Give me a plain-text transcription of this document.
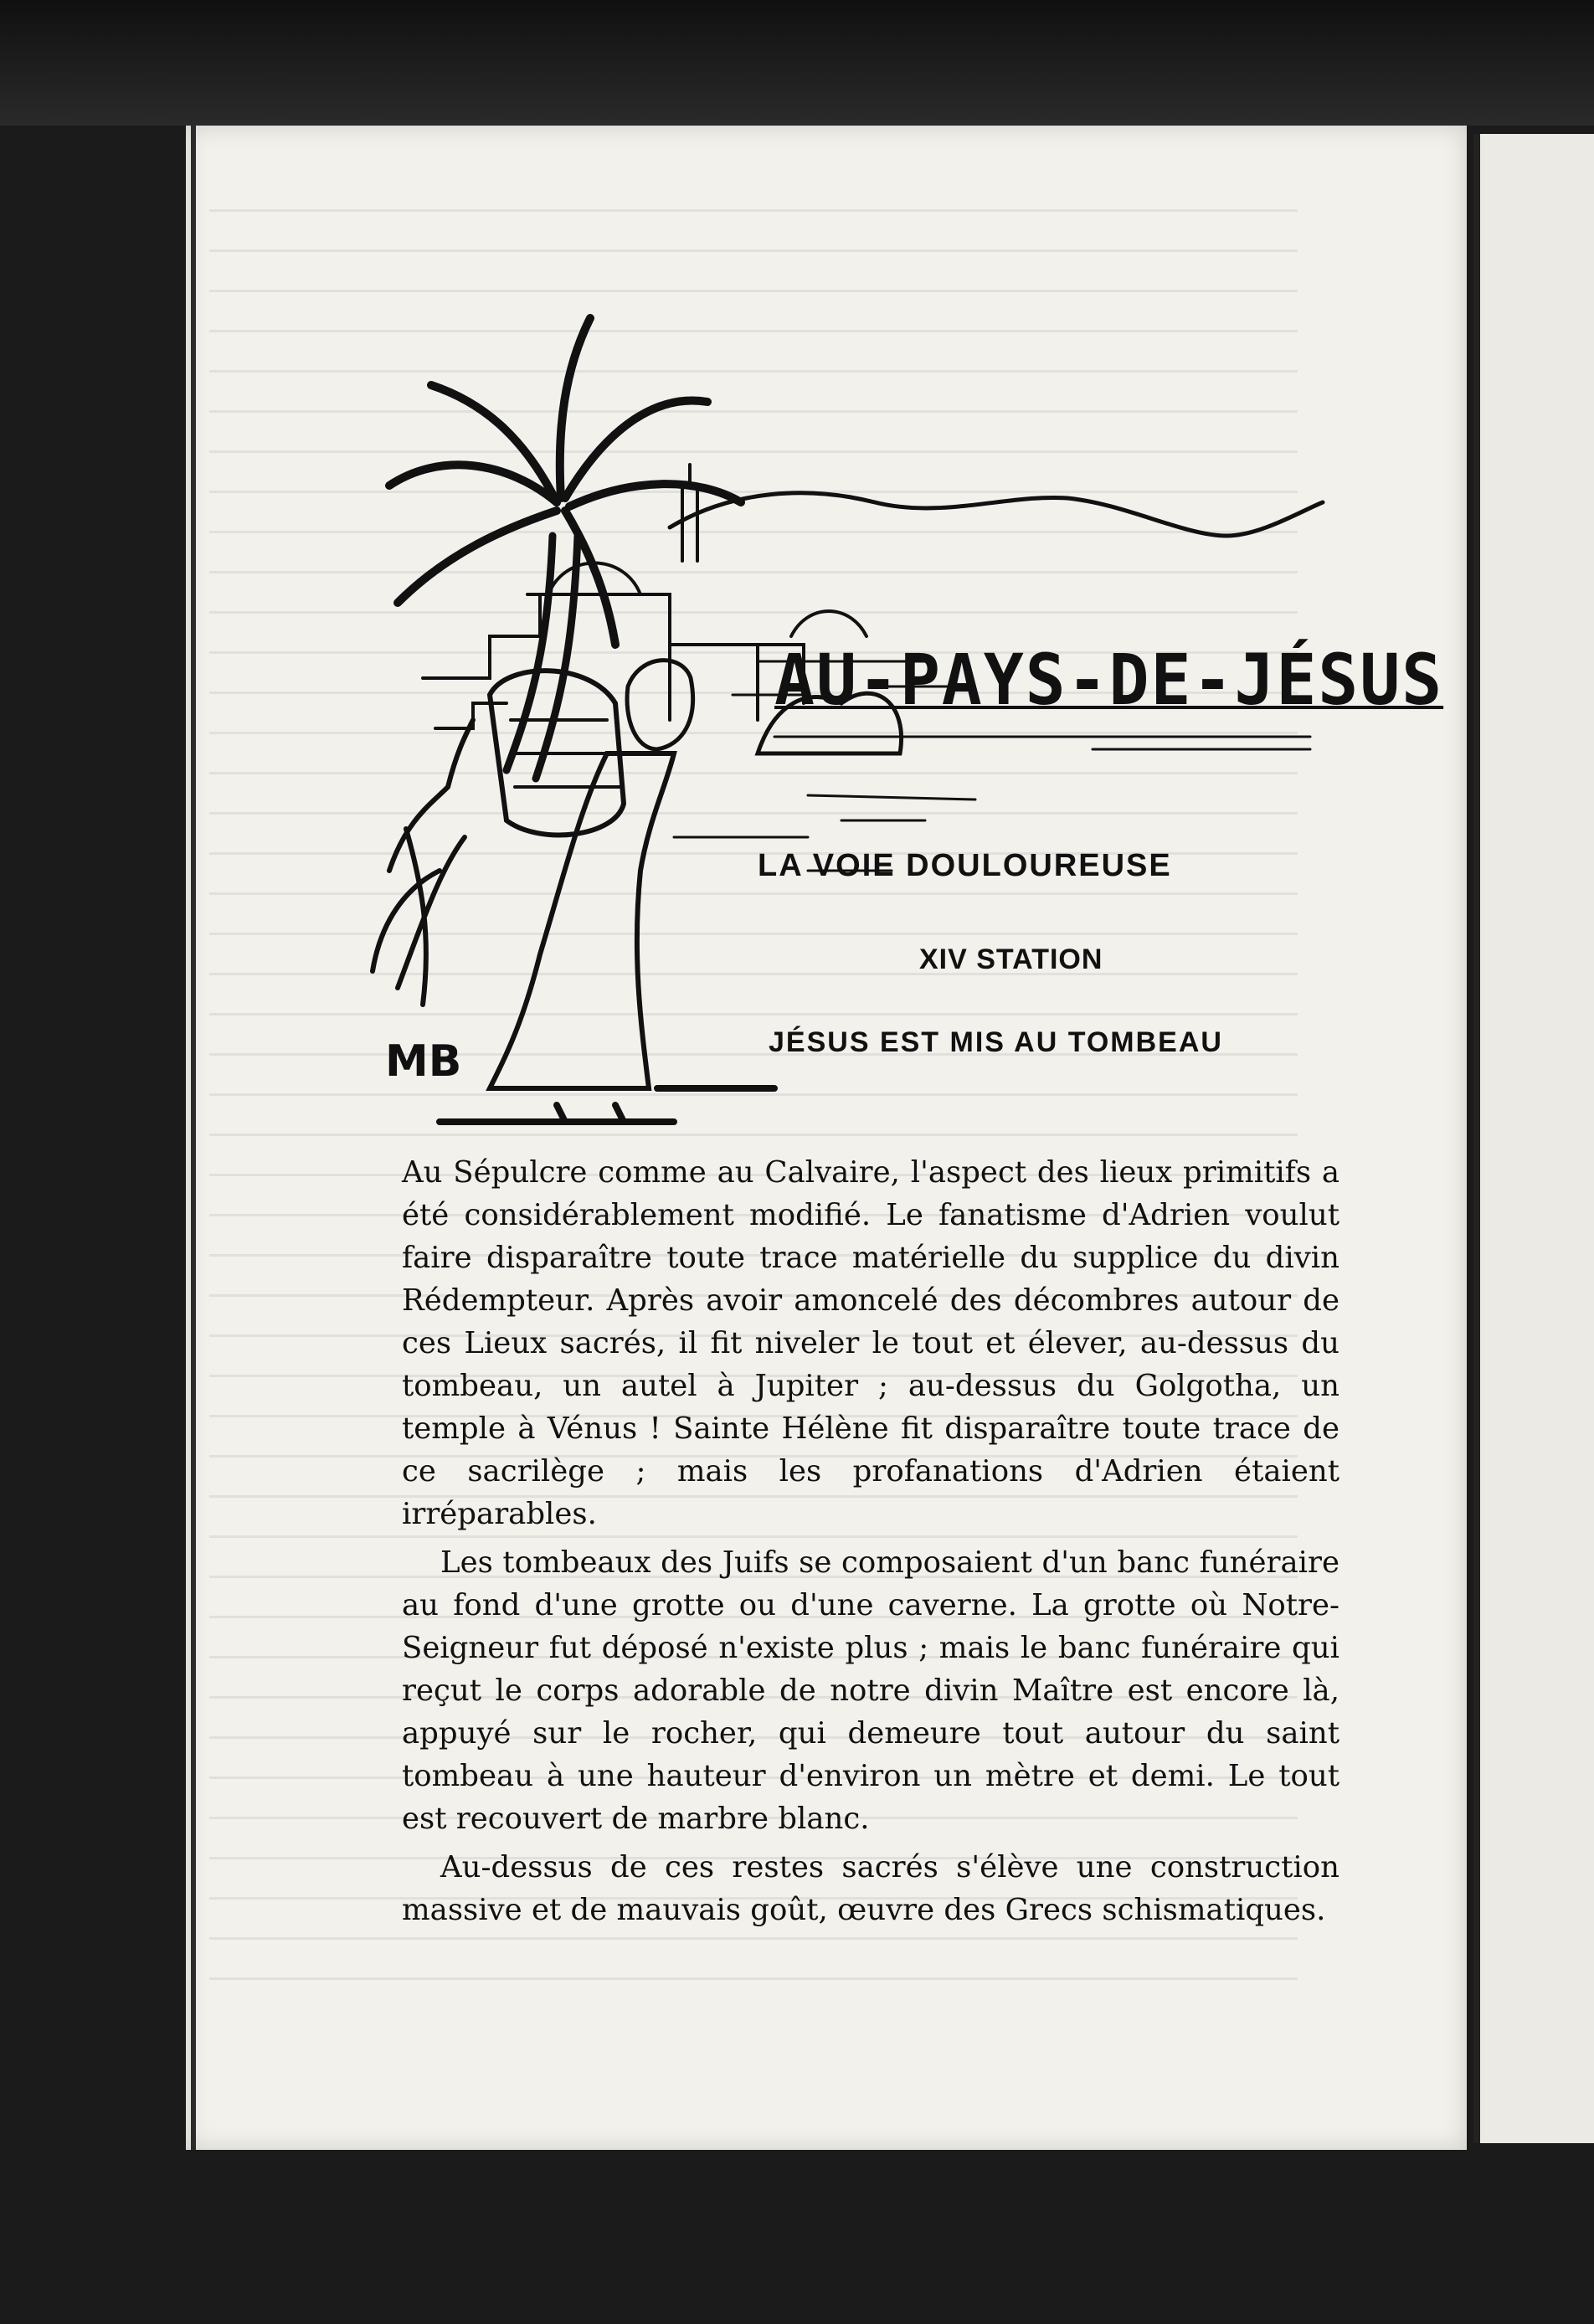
MB
AU-PAYS-DE-JÉSUS
LA VOIE DOULOUREUSE
XIV STATION
JÉSUS EST MIS AU TOMBEAU

Au Sépulcre comme au Calvaire, l'aspect des lieux primitifs a été considérablement modifié. Le fanatisme d'Adrien voulut faire disparaître toute trace matérielle du supplice du divin Rédempteur. Après avoir amoncelé des décombres autour de ces Lieux sacrés, il fit niveler le tout et élever, au-dessus du tombeau, un autel à Jupiter ; au-dessus du Golgotha, un temple à Vénus ! Sainte Hélène fit disparaître toute trace de ce sacrilège ; mais les profanations d'Adrien étaient irréparables.

Les tombeaux des Juifs se composaient d'un banc funéraire au fond d'une grotte ou d'une caverne. La grotte où Notre-Seigneur fut déposé n'existe plus ; mais le banc funéraire qui reçut le corps adorable de notre divin Maître est encore là, appuyé sur le rocher, qui demeure tout autour du saint tombeau à une hauteur d'environ un mètre et demi. Le tout est recouvert de marbre blanc.

Au-dessus de ces restes sacrés s'élève une construction massive et de mauvais goût, œuvre des Grecs schismatiques.
